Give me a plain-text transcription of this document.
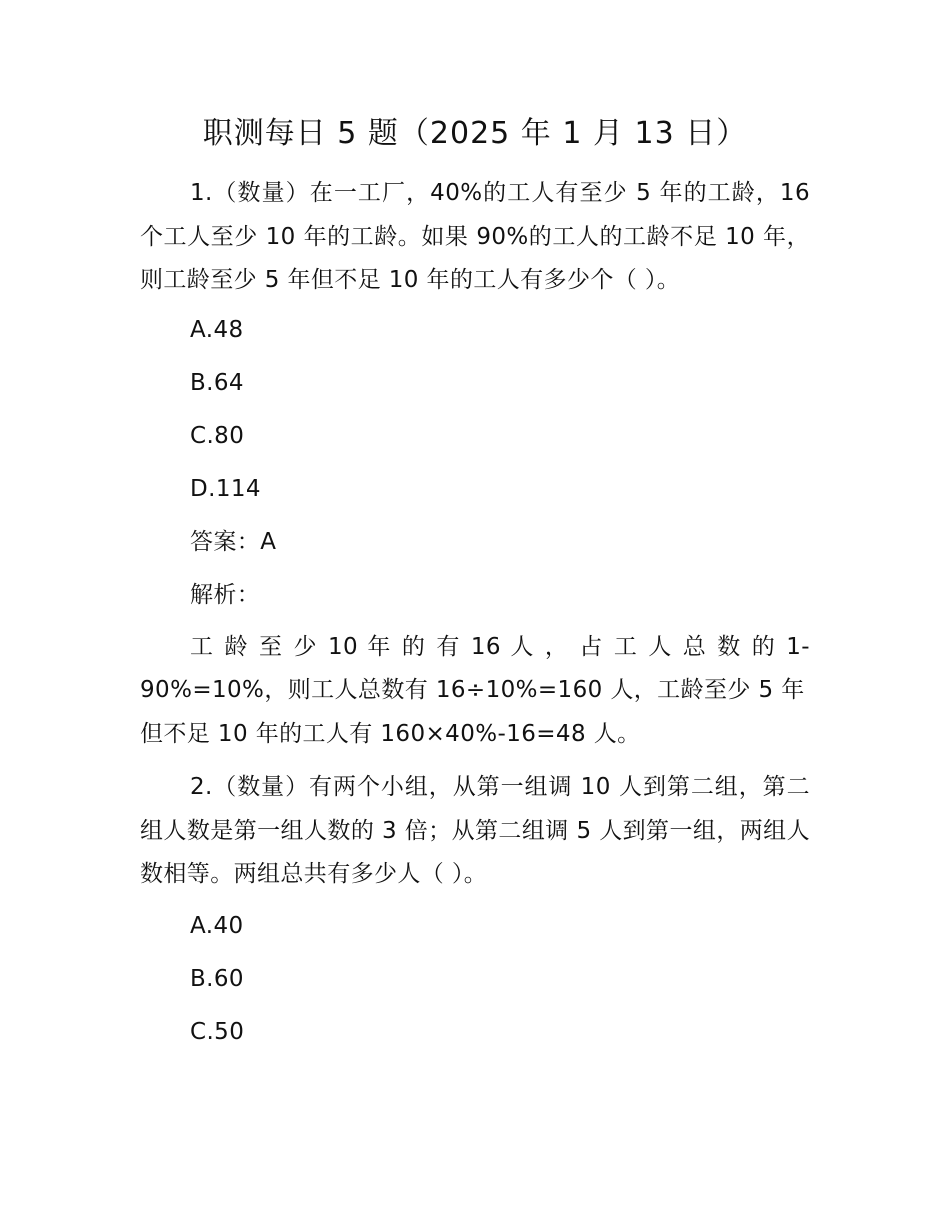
职测每日 5 题（2025 年 1 月 13 日）

1.（数量）在一工厂，40%的工人有至少 5 年的工龄，16 个工人至少 10 年的工龄。如果 90%的工人的工龄不足 10 年，则工龄至少 5 年但不足 10 年的工人有多少个（ ）。

A.48

B.64

C.80

D.114

答案：A

解析：

工 龄 至 少 10 年 的 有 16 人 ， 占 工 人 总 数 的 1-

90%=10%，则工人总数有 16÷10%=160 人，工龄至少 5 年但不足 10 年的工人有 160×40%-16=48 人。

2.（数量）有两个小组，从第一组调 10 人到第二组，第二组人数是第一组人数的 3 倍；从第二组调 5 人到第一组，两组人数相等。两组总共有多少人（ ）。

A.40

B.60

C.50
